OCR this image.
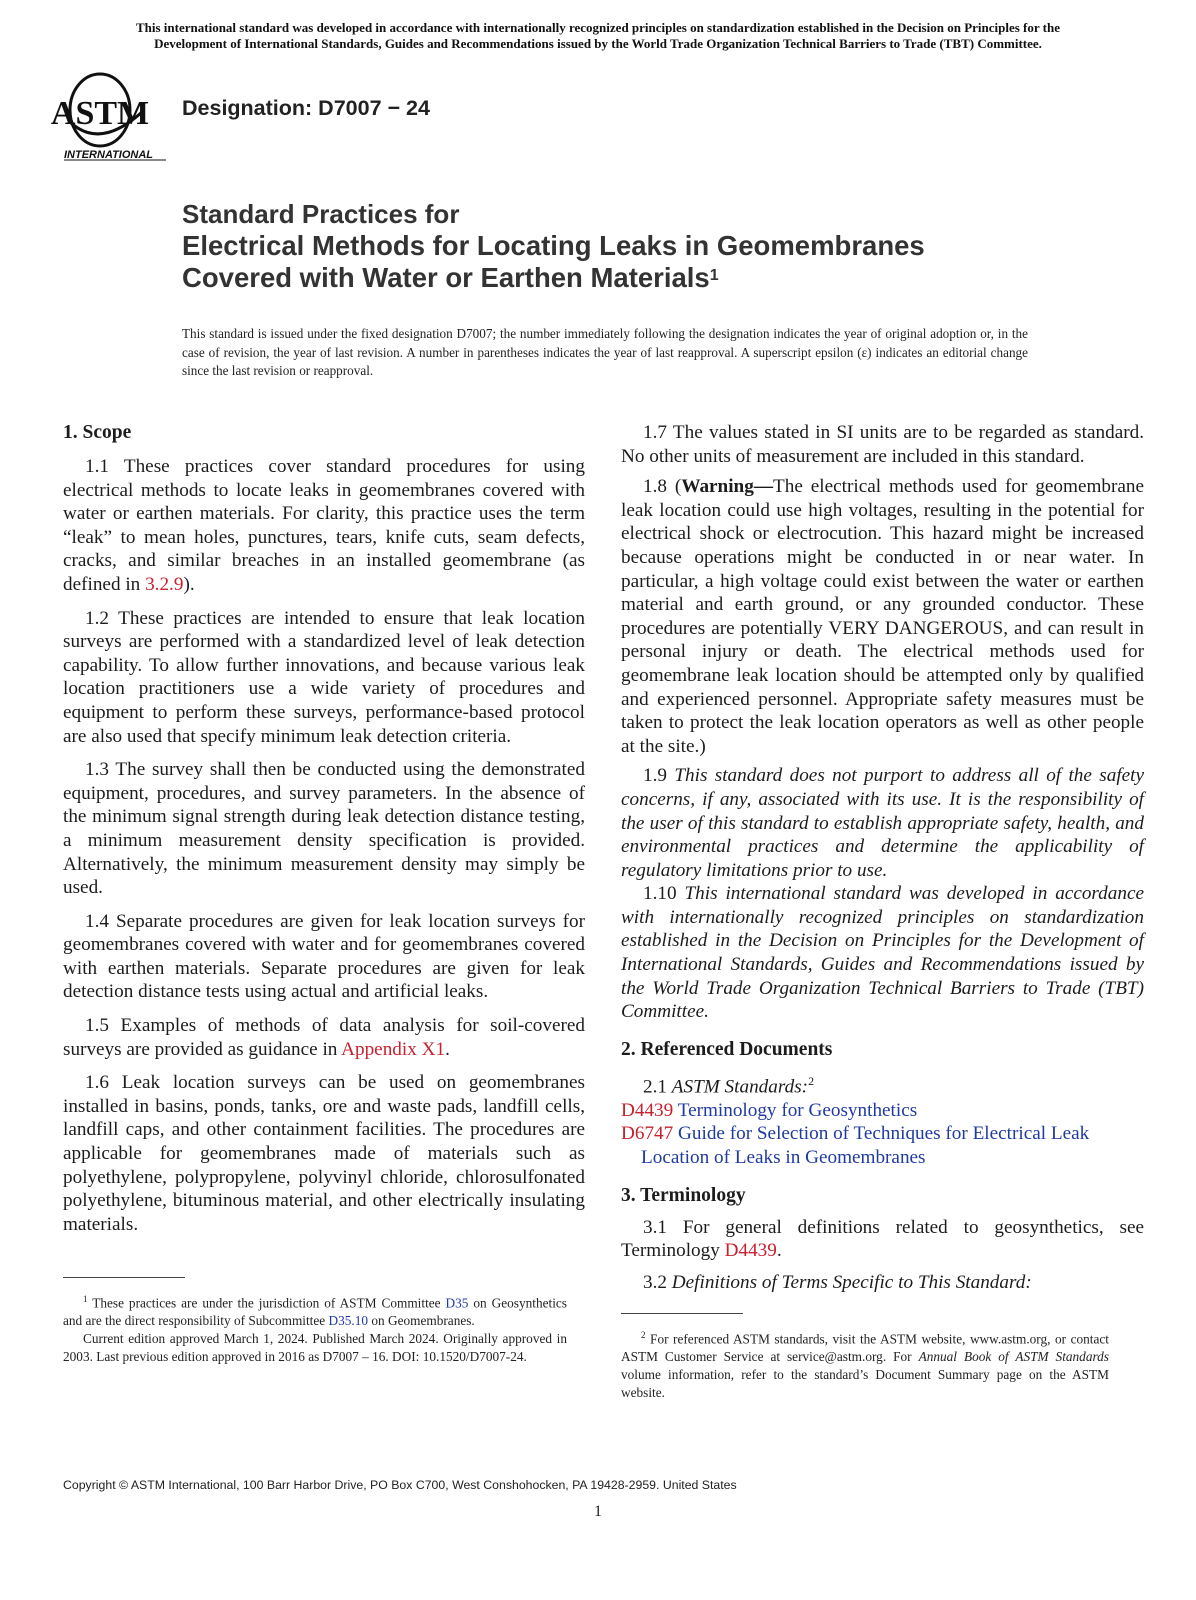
This international standard was developed in accordance with internationally recognized principles on standardization established in the Decision on Principles for the
Development of International Standards, Guides and Recommendations issued by the World Trade Organization Technical Barriers to Trade (TBT) Committee.
ASTM
INTERNATIONAL
Designation: D7007 − 24
Standard Practices for
Electrical Methods for Locating Leaks in Geomembranes
Covered with Water or Earthen Materials$^1$
This standard is issued under the fixed designation D7007; the number immediately following the designation indicates the year of original adoption or, in the case of revision, the year of last revision. A number in parentheses indicates the year of last reapproval. A superscript epsilon (ε) indicates an editorial change since the last revision or reapproval.
1. Scope

1.1 These practices cover standard procedures for using electrical methods to locate leaks in geomembranes covered with water or earthen materials. For clarity, this practice uses the term “leak” to mean holes, punctures, tears, knife cuts, seam defects, cracks, and similar breaches in an installed geomembrane (as defined in 3.2.9).

1.2 These practices are intended to ensure that leak location surveys are performed with a standardized level of leak detection capability. To allow further innovations, and because various leak location practitioners use a wide variety of procedures and equipment to perform these surveys, performance-based protocol are also used that specify minimum leak detection criteria.

1.3 The survey shall then be conducted using the demonstrated equipment, procedures, and survey parameters. In the absence of the minimum signal strength during leak detection distance testing, a minimum measurement density specification is provided. Alternatively, the minimum measurement density may simply be used.

1.4 Separate procedures are given for leak location surveys for geomembranes covered with water and for geomembranes covered with earthen materials. Separate procedures are given for leak detection distance tests using actual and artificial leaks.

1.5 Examples of methods of data analysis for soil-covered surveys are provided as guidance in Appendix X1.

1.6 Leak location surveys can be used on geomembranes installed in basins, ponds, tanks, ore and waste pads, landfill cells, landfill caps, and other containment facilities. The procedures are applicable for geomembranes made of materials such as polyethylene, polypropylene, polyvinyl chloride, chlorosulfonated polyethylene, bituminous material, and other electrically insulating materials.

1.7 The values stated in SI units are to be regarded as standard. No other units of measurement are included in this standard.

1.8 (Warning—The electrical methods used for geomembrane leak location could use high voltages, resulting in the potential for electrical shock or electrocution. This hazard might be increased because operations might be conducted in or near water. In particular, a high voltage could exist between the water or earthen material and earth ground, or any grounded conductor. These procedures are potentially VERY DANGEROUS, and can result in personal injury or death. The electrical methods used for geomembrane leak location should be attempted only by qualified and experienced personnel. Appropriate safety measures must be taken to protect the leak location operators as well as other people at the site.)

1.9 This standard does not purport to address all of the safety concerns, if any, associated with its use. It is the responsibility of the user of this standard to establish appropriate safety, health, and environmental practices and determine the applicability of regulatory limitations prior to use.

1.10 This international standard was developed in accordance with internationally recognized principles on standardization established in the Decision on Principles for the Development of International Standards, Guides and Recommendations issued by the World Trade Organization Technical Barriers to Trade (TBT) Committee.

2. Referenced Documents

2.1 ASTM Standards:$^2$

D4439 Terminology for Geosynthetics

D6747 Guide for Selection of Techniques for Electrical Leak Location of Leaks in Geomembranes

3. Terminology

3.1 For general definitions related to geosynthetics, see Terminology D4439.

3.2 Definitions of Terms Specific to This Standard:

$^1$ These practices are under the jurisdiction of ASTM Committee D35 on Geosynthetics and are the direct responsibility of Subcommittee D35.10 on Geomembranes.

Current edition approved March 1, 2024. Published March 2024. Originally approved in 2003. Last previous edition approved in 2016 as D7007 – 16. DOI: 10.1520/D7007-24.

$^2$ For referenced ASTM standards, visit the ASTM website, www.astm.org, or contact ASTM Customer Service at service@astm.org. For Annual Book of ASTM Standards volume information, refer to the standard’s Document Summary page on the ASTM website.

Copyright © ASTM International, 100 Barr Harbor Drive, PO Box C700, West Conshohocken, PA 19428-2959. United States
1
